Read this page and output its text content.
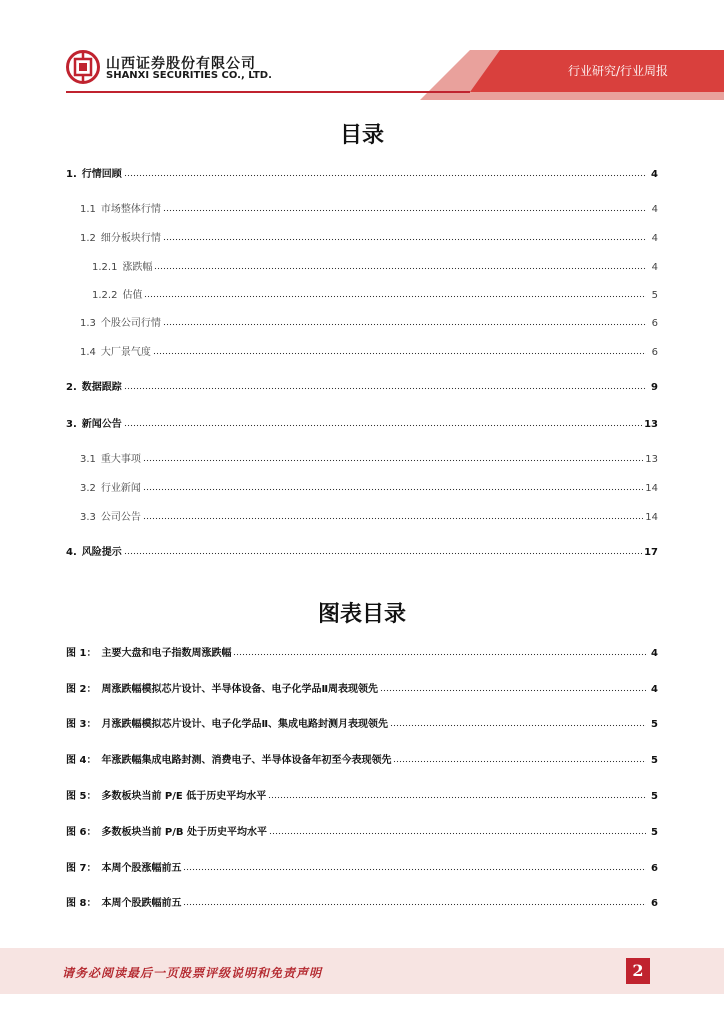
山西证券股份有限公司
SHANXI SECURITIES CO., LTD.	行业研究/行业周报
目录
1. 行情回顾	4
1.1 市场整体行情	4
1.2 细分板块行情	4
1.2.1 涨跌幅	4
1.2.2 估值	5
1.3 个股公司行情	6
1.4 大厂景气度	6
2. 数据跟踪	9
3. 新闻公告	13
3.1 重大事项	13
3.2 行业新闻	14
3.3 公司公告	14
4. 风险提示	17
图表目录
图 1： 主要大盘和电子指数周涨跌幅	4
图 2： 周涨跌幅模拟芯片设计、半导体设备、电子化学品Ⅱ周表现领先	4
图 3： 月涨跌幅模拟芯片设计、电子化学品Ⅱ、集成电路封测月表现领先	5
图 4： 年涨跌幅集成电路封测、消费电子、半导体设备年初至今表现领先	5
图 5： 多数板块当前 P/E 低于历史平均水平	5
图 6： 多数板块当前 P/B 处于历史平均水平	5
图 7： 本周个股涨幅前五	6
图 8： 本周个股跌幅前五	6
请务必阅读最后一页股票评级说明和免责声明	2
